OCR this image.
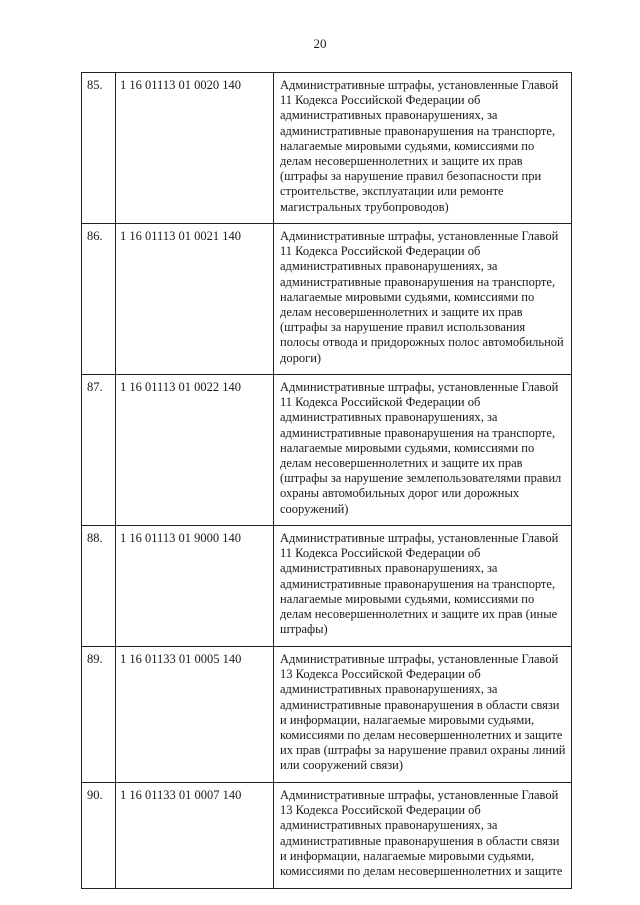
20
85.	1 16 01113 01 0020 140	Административные штрафы, установленные Главой 11 Кодекса Российской Федерации об административных правонарушениях, за административные правонарушения на транспорте, налагаемые мировыми судьями, комиссиями по делам несовершеннолетних и защите их прав (штрафы за нарушение правил безопасности при строительстве, эксплуатации или ремонте магистральных трубопроводов)
86.	1 16 01113 01 0021 140	Административные штрафы, установленные Главой 11 Кодекса Российской Федерации об административных правонарушениях, за административные правонарушения на транспорте, налагаемые мировыми судьями, комиссиями по делам несовершеннолетних и защите их прав (штрафы за нарушение правил использования полосы отвода и придорожных полос автомобильной дороги)
87.	1 16 01113 01 0022 140	Административные штрафы, установленные Главой 11 Кодекса Российской Федерации об административных правонарушениях, за административные правонарушения на транспорте, налагаемые мировыми судьями, комиссиями по делам несовершеннолетних и защите их прав (штрафы за нарушение землепользователями правил охраны автомобильных дорог или дорожных сооружений)
88.	1 16 01113 01 9000 140	Административные штрафы, установленные Главой 11 Кодекса Российской Федерации об административных правонарушениях, за административные правонарушения на транспорте, налагаемые мировыми судьями, комиссиями по делам несовершеннолетних и защите их прав (иные штрафы)
89.	1 16 01133 01 0005 140	Административные штрафы, установленные Главой 13 Кодекса Российской Федерации об административных правонарушениях, за административные правонарушения в области связи и информации, налагаемые мировыми судьями, комиссиями по делам несовершеннолетних и защите их прав (штрафы за нарушение правил охраны линий или сооружений связи)
90.	1 16 01133 01 0007 140	Административные штрафы, установленные Главой 13 Кодекса Российской Федерации об административных правонарушениях, за административные правонарушения в области связи и информации, налагаемые мировыми судьями, комиссиями по делам несовершеннолетних и защите
